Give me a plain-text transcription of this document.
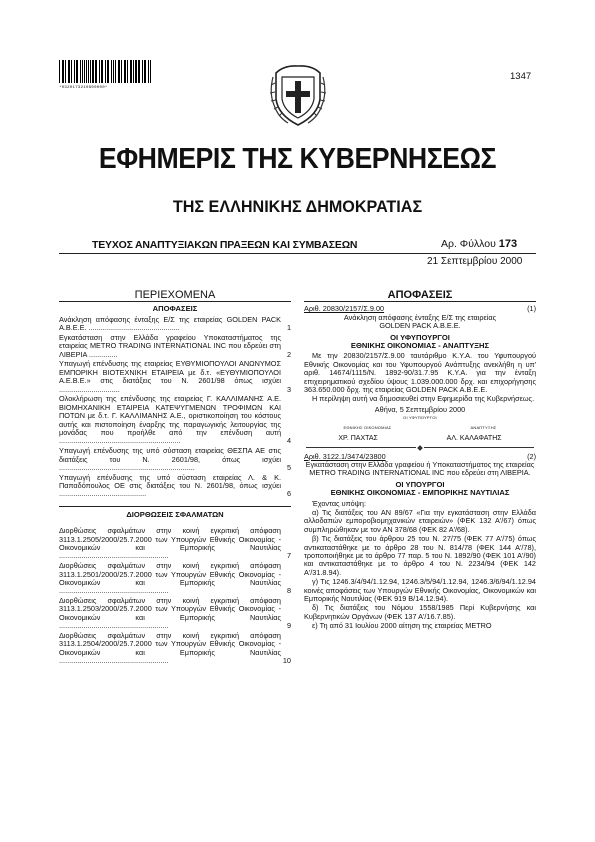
*0320173210900000*
1347
ΕΦΗΜΕΡΙΣ ΤΗΣ ΚΥΒΕΡΝΗΣΕΩΣ
ΤΗΣ ΕΛΛΗΝΙΚΗΣ ΔΗΜΟΚΡΑΤΙΑΣ
ΤΕΥΧΟΣ ΑΝΑΠΤΥΞΙΑΚΩΝ ΠΡΑΞΕΩΝ ΚΑΙ ΣΥΜΒΑΣΕΩΝ	Αρ. Φύλλου 173
21 Σεπτεμβρίου 2000
ΠΕΡΙΕΧΟΜΕΝΑ
ΑΠΟΦΑΣΕΙΣ
Ανάκληση απόφασης ένταξης Ε/Σ της εταιρείας GOLDEN PACK A.B.E.E. .............................................	1
Εγκατάσταση στην Ελλάδα γραφείου Υποκαταστήματος της εταιρείας METRO TRADING INTERNATIONAL INC που εδρεύει στη ΛΙΒΕΡΙΑ ..............	2
Υπαγωγή επένδυσης της εταιρείας ΕΥΘΥΜΙΟΠΟΥΛΟΙ ΑΝΩΝΥΜΟΣ ΕΜΠΟΡΙΚΗ ΒΙΟΤΕΧΝΙΚΗ ΕΤΑΙΡΕΙΑ με δ.τ. «ΕΥΘΥΜΙΟΠΟΥΛΟΙ Α.Ε.Β.Ε.» στις διατάξεις του Ν. 2601/98 όπως ισχύει ..............................	3
Ολοκλήρωση της επένδυσης της εταιρείας Γ. ΚΑΛΛΙΜΑΝΗΣ Α.Ε. ΒΙΟΜΗΧΑΝΙΚΗ ΕΤΑΙΡΕΙΑ ΚΑΤΕΨΥΓΜΕΝΩΝ ΤΡΟΦΙΜΩΝ ΚΑΙ ΠΟΤΩΝ με δ.τ. Γ. ΚΑΛΛΙΜΑΝΗΣ Α.Ε., οριστικοποίηση του κόστους αυτής και πιστοποίηση έναρξης της παραγωγικής λειτουργίας της μονάδας που προήλθε από την επένδυση αυτή ............................................................	4
Υπαγωγή επένδυσης της υπό σύσταση εταιρείας ΘΕΣΠΑ ΑΕ στις διατάξεις του Ν. 2601/98, όπως ισχύει ...................................................................	5
Υπαγωγή επένδυσης της υπό σύσταση εταιρείας Λ. & Κ. Παπαδόπουλος ΟΕ στις διατάξεις του Ν. 2601/98, όπως ισχύει ...........................................	6
ΔΙΟΡΘΩΣΕΙΣ ΣΦΑΛΜΑΤΩΝ
Διορθώσεις σφαλμάτων στην κοινή εγκριτική απόφαση 3113.1.2505/2000/25.7.2000 των Υπουργών Εθνικής Οικονομίας - Οικονομικών και Εμπορικής Ναυτιλίας ......................................................	7
Διορθώσεις σφαλμάτων στην κοινή εγκριτική απόφαση 3113.1.2501/2000/25.7.2000 των Υπουργών Εθνικής Οικονομίας - Οικονομικών και Εμπορικής Ναυτιλίας ......................................................	8
Διορθώσεις σφαλμάτων στην κοινή εγκριτική απόφαση 3113.1.2503/2000/25.7.2000 των Υπουργών Εθνικής Οικονομίας - Οικονομικών και Εμπορικής Ναυτιλίας ......................................................	9
Διορθώσεις σφαλμάτων στην κοινή εγκριτική απόφαση 3113.1.2504/2000/25.7.2000 των Υπουργών Εθνικής Οικονομίας - Οικονομικών και Εμπορικής Ναυτιλίας ......................................................	10
ΑΠΟΦΑΣΕΙΣ
Αριθ. 20830/2157/Σ.9.00	(1)
Ανάκληση απόφασης ένταξης Ε/Σ της εταιρείας GOLDEN PACK A.B.E.E.
ΟΙ ΥΦΥΠΟΥΡΓΟΙ
ΕΘΝΙΚΗΣ ΟΙΚΟΝΟΜΙΑΣ - ΑΝΑΠΤΥΞΗΣ

Με την 20830/2157/Σ.9.00 ταυτάριθμο Κ.Υ.Α. του Υφυπουργού Εθνικής Οικονομίας και του Υφυπουργού Ανάπτυξης ανεκλήθη η υπ' αριθ. 14674/1115/Ν. 1892-90/31.7.95 Κ.Υ.Α. για την ένταξη επιχειρηματικού σχεδίου ύψους 1.039.000.000 δρχ. και επιχορήγησης 363.650.000 δρχ. της εταιρείας GOLDEN PACK A.B.E.E.

Η περίληψη αυτή να δημοσιευθεί στην Εφημερίδα της Κυβερνήσεως.

Αθήνα, 5 Σεπτεμβρίου 2000
ΟΙ ΥΦΥΠΟΥΡΓΟΙ
ΕΘΝΙΚΗΣ ΟΙΚΟΝΟΜΙΑΣ	ΑΝΑΠΤΥΞΗΣ
ΧΡ. ΠΑΧΤΑΣ	ΑΛ. ΚΑΛΑΦΑΤΗΣ
Αριθ. 3122.1/3474/23800	(2)
Εγκατάσταση στην Ελλάδα γραφείου ή Υποκαταστήματος της εταιρείας METRO TRADING INTERNATIONAL INC που εδρεύει στη ΛΙΒΕΡΙΑ.
ΟΙ ΥΠΟΥΡΓΟΙ
ΕΘΝΙΚΗΣ ΟΙΚΟΝΟΜΙΑΣ - ΕΜΠΟΡΙΚΗΣ ΝΑΥΤΙΛΙΑΣ

Έχοντας υπόψη:

α) Τις διατάξεις του ΑΝ 89/67 «Για την εγκατάσταση στην Ελλάδα αλλοδαπών εμποροβιομηχανικών εταιρειών» (ΦΕΚ 132 Α'/67) όπως συμπληρώθηκαν με τον ΑΝ 378/68 (ΦΕΚ 82 Α'/68).

β) Τις διατάξεις του άρθρου 25 του Ν. 27/75 (ΦΕΚ 77 Α'/75) όπως αντικαταστάθηκε με το άρθρο 28 του Ν. 814/78 (ΦΕΚ 144 Α'/78), τροποποιήθηκε με το άρθρο 77 παρ. 5 του Ν. 1892/90 (ΦΕΚ 101 Α'/90) και αντικαταστάθηκε με το άρθρο 4 του Ν. 2234/94 (ΦΕΚ 142 Α'/31.8.94).

γ) Τις 1246.3/4/94/1.12.94, 1246.3/5/94/1.12.94, 1246.3/6/94/1.12.94 κοινές αποφάσεις των Υπουργών Εθνικής Οικονομίας, Οικονομικών και Εμπορικής Ναυτιλίας (ΦΕΚ 919 Β/14.12.94).

δ) Τις διατάξεις του Νόμου 1558/1985 Περί Κυβερνήσης και Κυβερνητικών Οργάνων (ΦΕΚ 137 Α'/16.7.85).

ε) Τη από 31 Ιουλίου 2000 αίτηση της εταιρείας METRO
